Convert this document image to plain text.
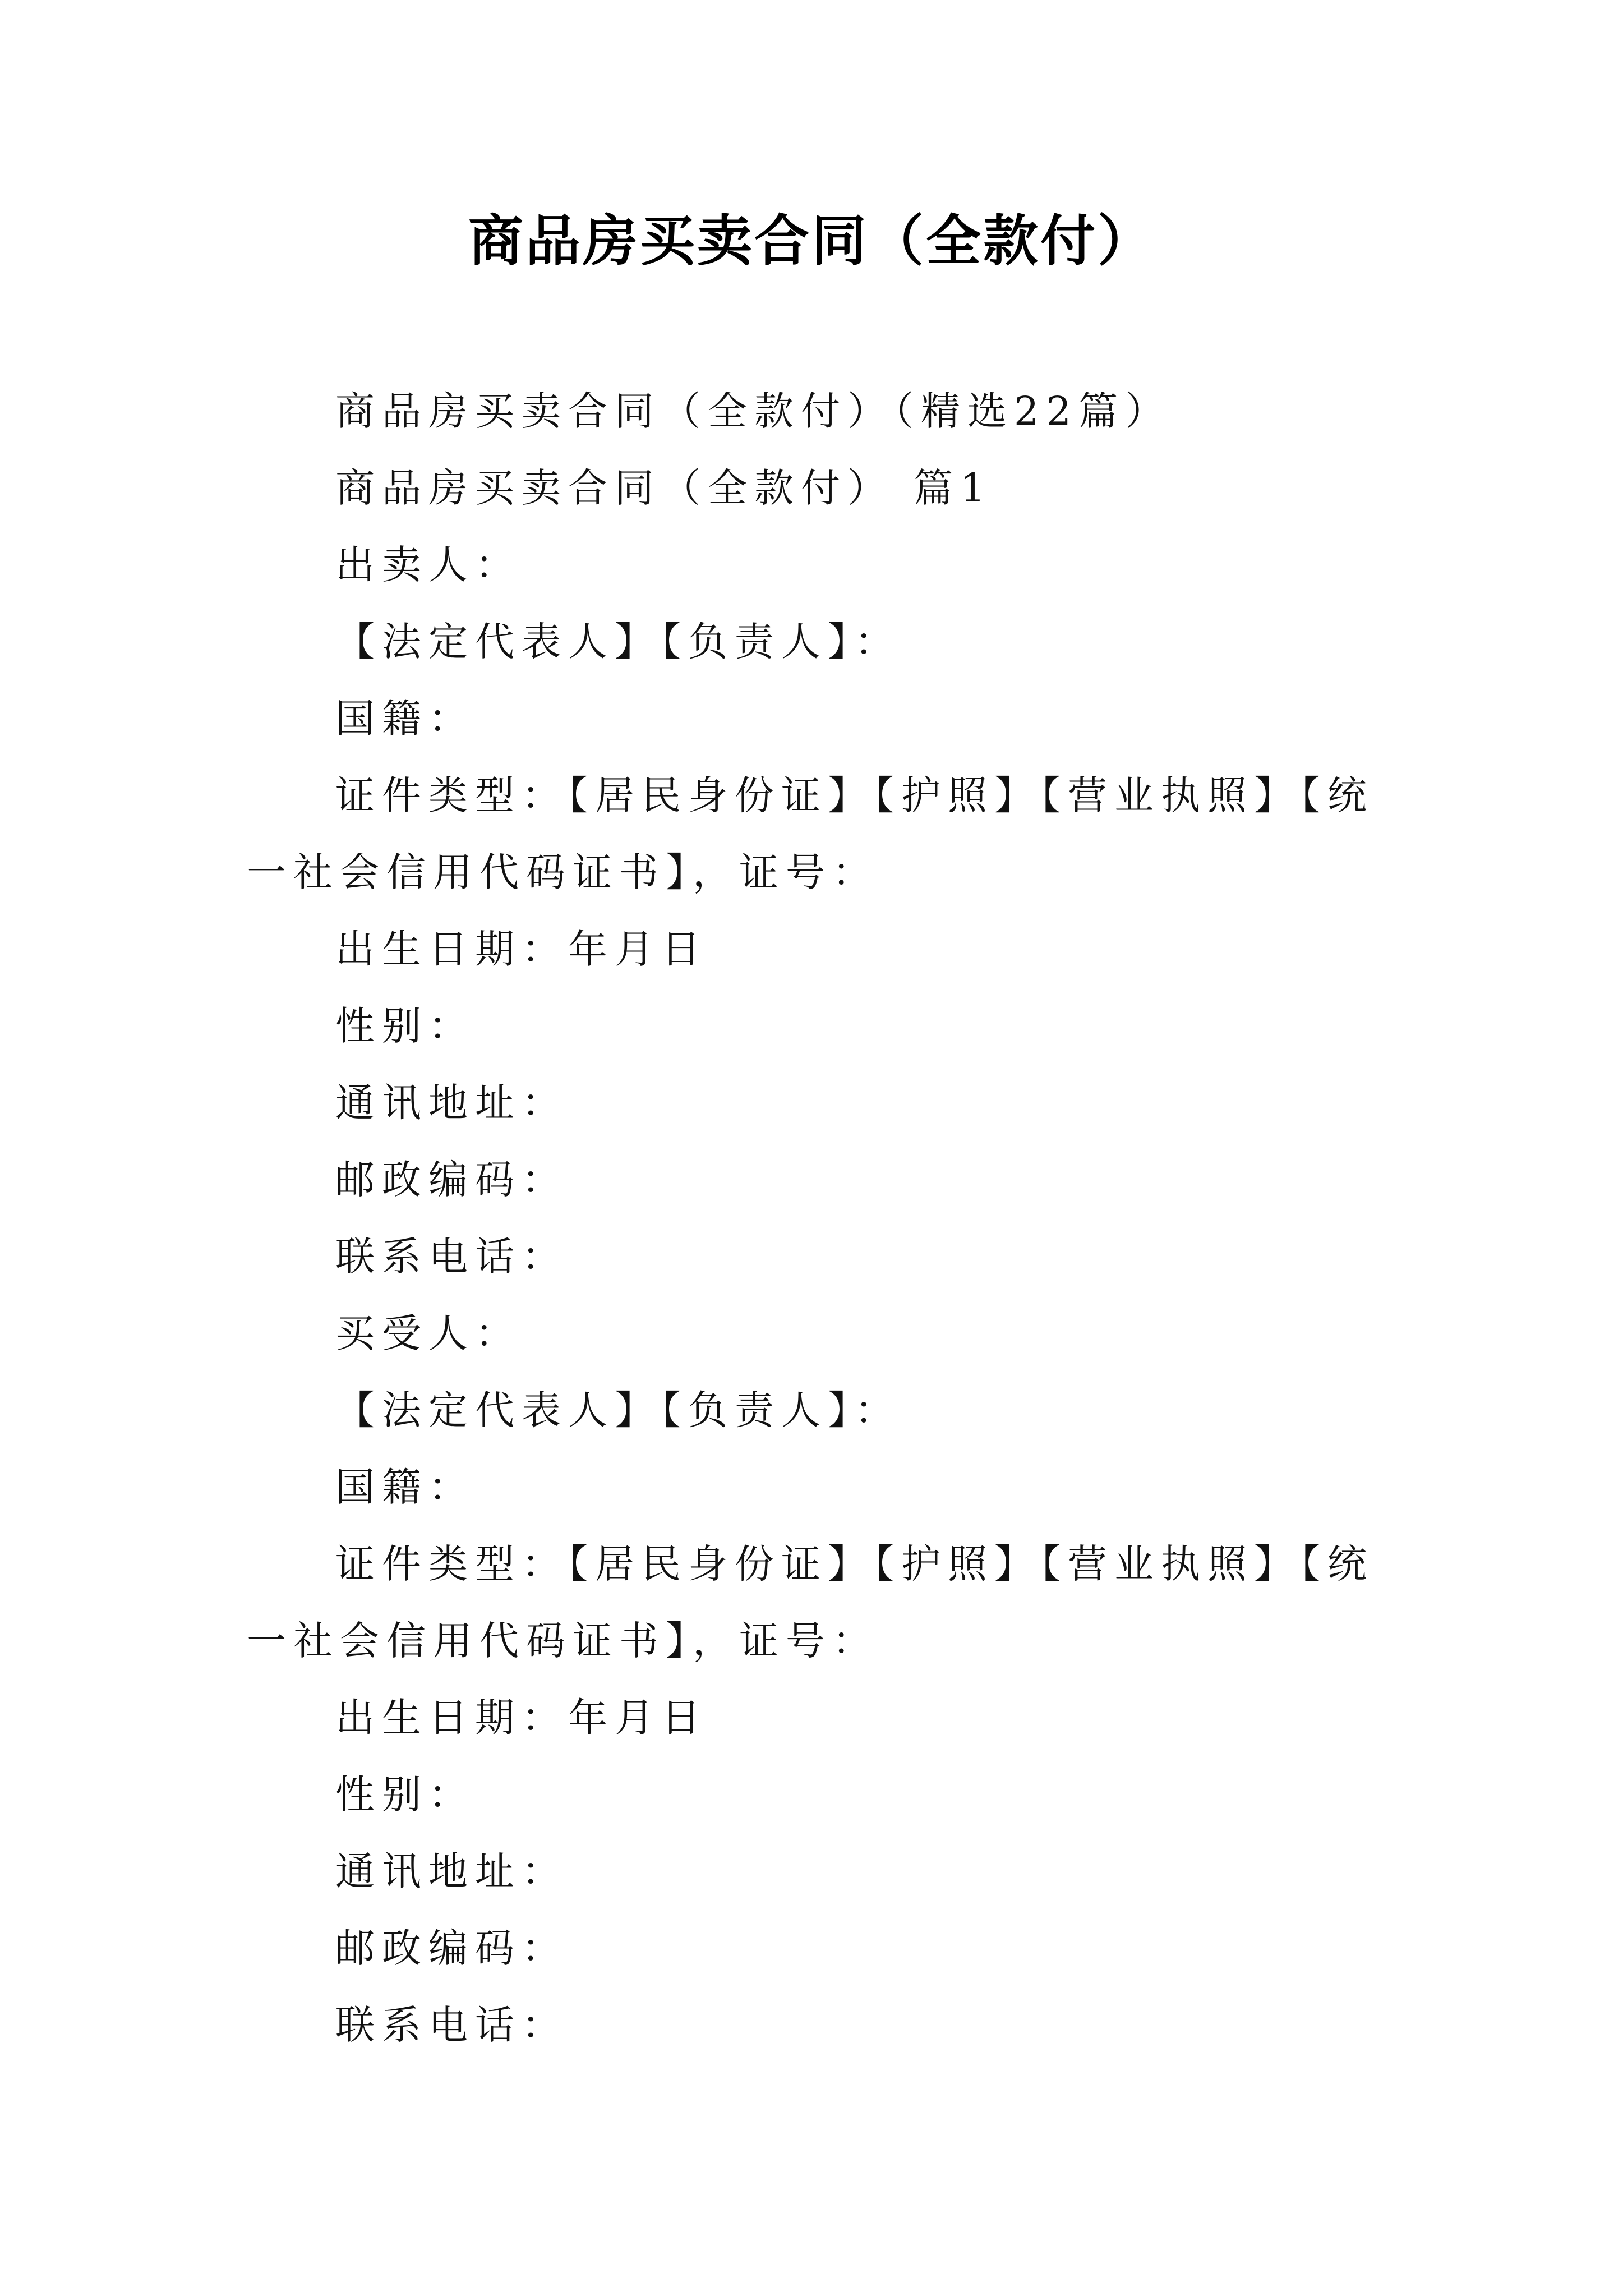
商品房买卖合同（全款付）

商品房买卖合同（全款付）（精选22篇）

商品房买卖合同（全款付） 篇1

出卖人：

【法定代表人】【负责人】：

国籍：

证件类型：【居民身份证】【护照】【营业执照】【统一社会信用代码证书】，证号：

出生日期：年月日

性别：

通讯地址：

邮政编码：

联系电话：

买受人：

【法定代表人】【负责人】：

国籍：

证件类型：【居民身份证】【护照】【营业执照】【统一社会信用代码证书】，证号：

出生日期：年月日

性别：

通讯地址：

邮政编码：

联系电话：
